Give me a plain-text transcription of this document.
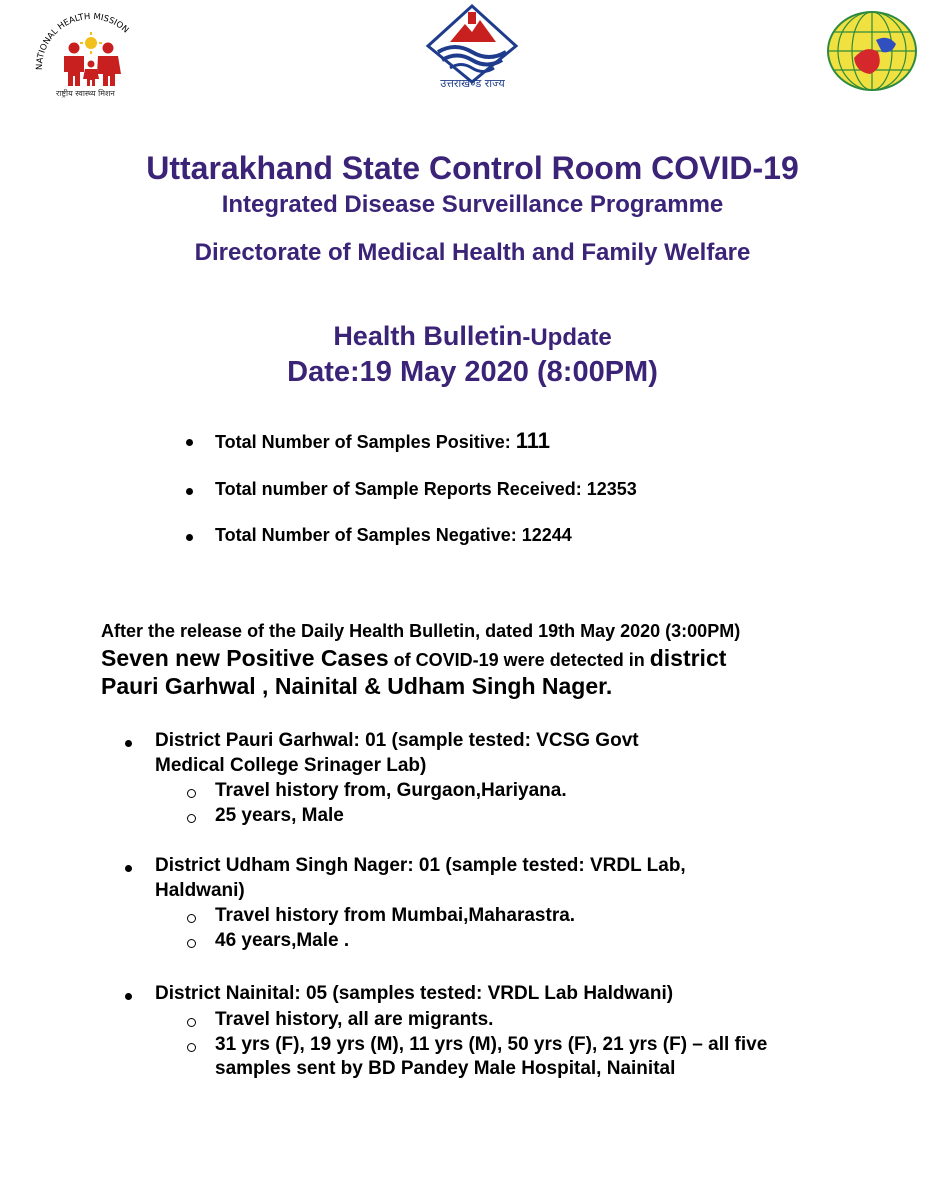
NATIONAL HEALTH MISSION
राष्ट्रीय स्वास्थ्य मिशन
उत्तराखण्ड राज्य
Uttarakhand State Control Room COVID-19
Integrated Disease Surveillance Programme
Directorate of Medical Health and Family Welfare
Health Bulletin-Update
Date:19 May 2020 (8:00PM)
Total Number of Samples Positive: 111
Total number of Sample Reports Received: 12353
Total Number of Samples Negative: 12244
After the release of the Daily Health Bulletin, dated 19th May 2020 (3:00PM)
Seven new Positive Cases of COVID-19 were detected in district
Pauri Garhwal , Nainital & Udham Singh Nager.
District Pauri Garhwal: 01 (sample tested: VCSG Govt
Medical College Srinager Lab)
Travel history from, Gurgaon,Hariyana.
25 years, Male
District Udham Singh Nager: 01 (sample tested: VRDL Lab,
Haldwani)
Travel history from Mumbai,Maharastra.
46 years,Male .
District Nainital: 05 (samples tested: VRDL Lab Haldwani)
Travel history, all are migrants.
31 yrs (F), 19 yrs (M), 11 yrs (M), 50 yrs (F), 21 yrs (F) – all five
samples sent by BD Pandey Male Hospital, Nainital
